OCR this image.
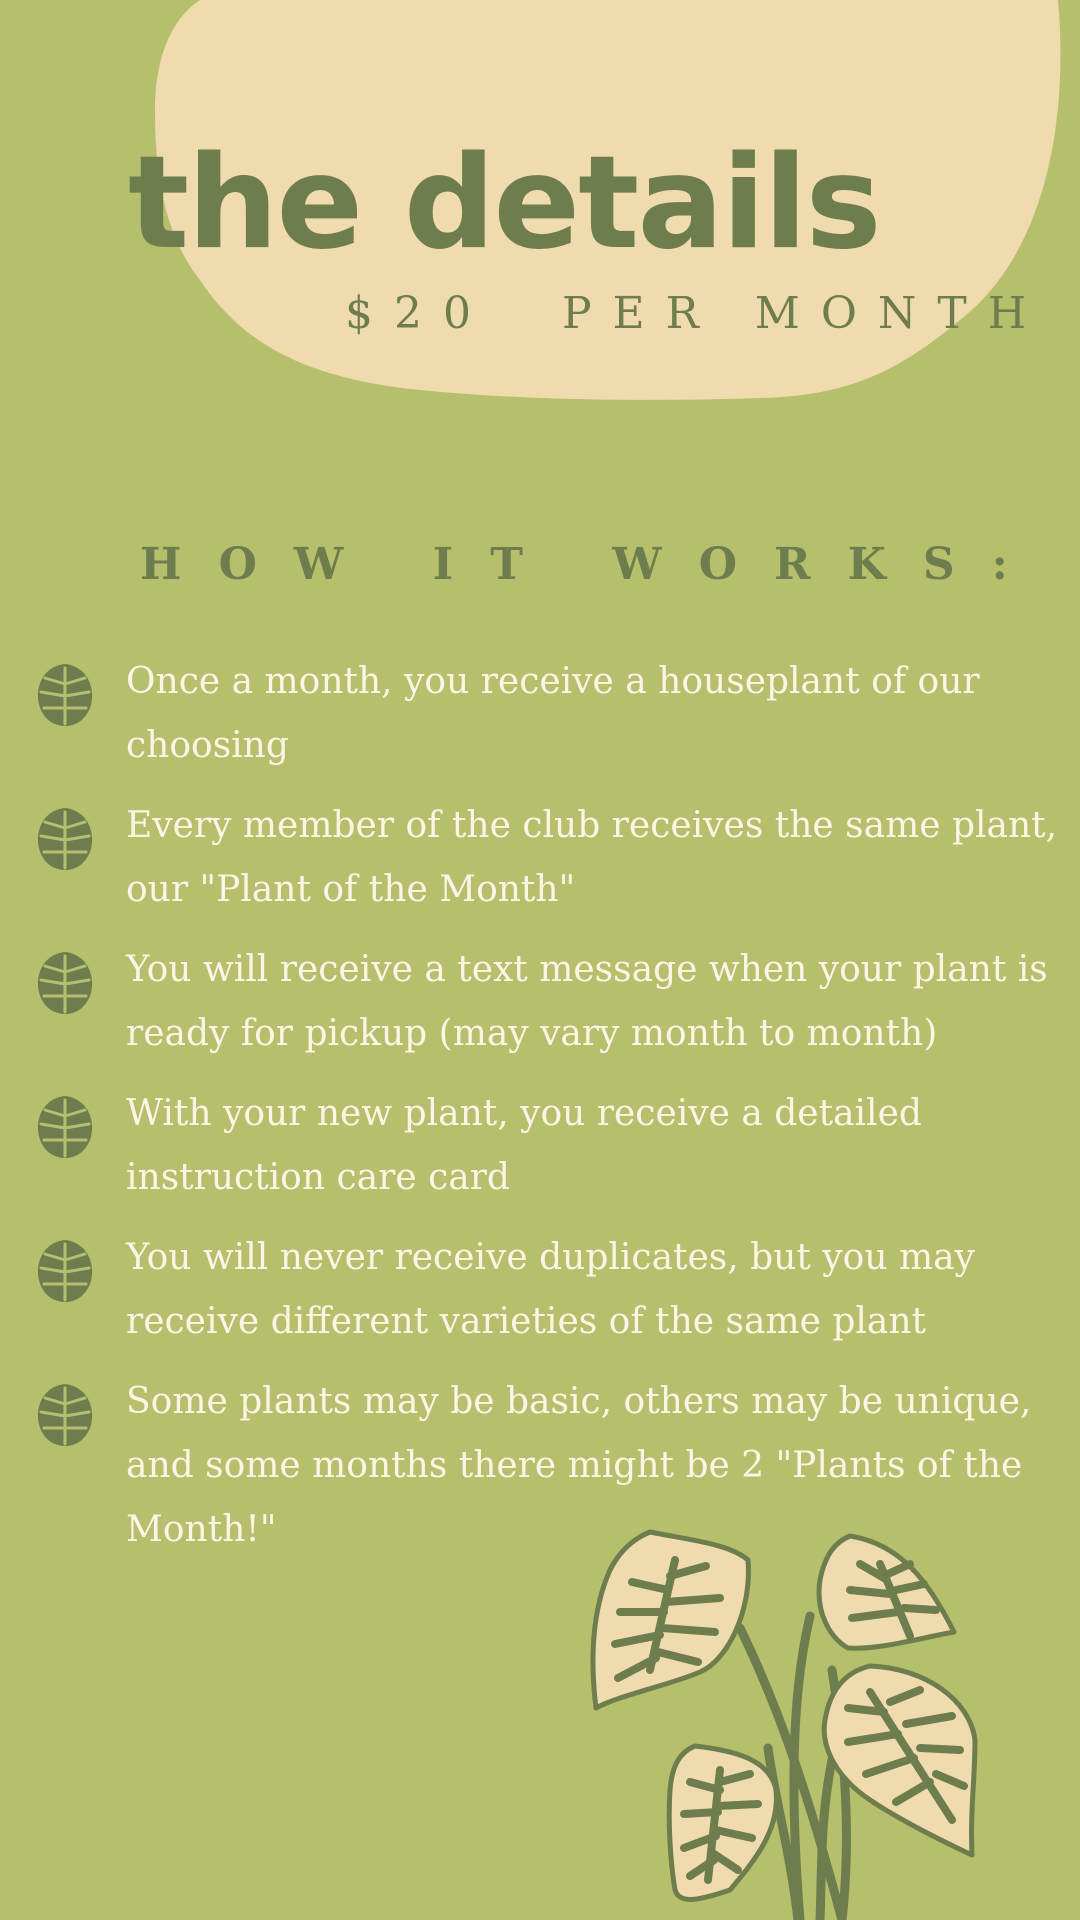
the details

$20  PER MONTH

HOW IT WORKS:

Once a month, you receive a houseplant of our choosing

Every member of the club receives the same plant, our "Plant of the Month"

You will receive a text message when your plant is ready for pickup (may vary month to month)

With your new plant, you receive a detailed instruction care card

You will never receive duplicates, but you may receive different varieties of the same plant

Some plants may be basic, others may be unique, and some months there might be 2 "Plants of the Month!"
